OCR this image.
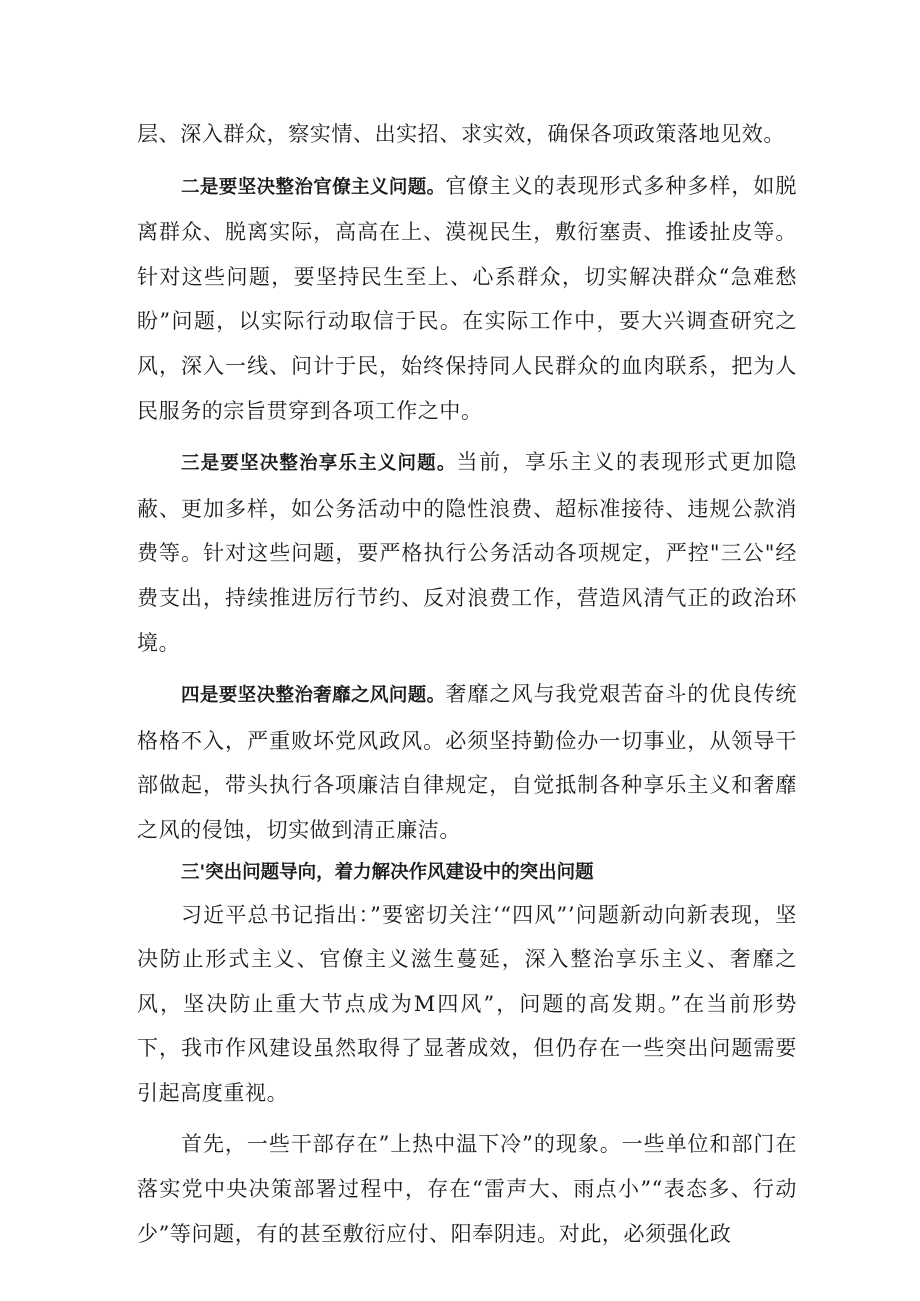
层、深入群众，察实情、出实招、求实效，确保各项政策落地见效。

二是要坚决整治官僚主义问题。官僚主义的表现形式多种多样，如脱离群众、脱离实际，高高在上、漠视民生，敷衍塞责、推诿扯皮等。针对这些问题，要坚持民生至上、心系群众，切实解决群众“急难愁盼”问题，以实际行动取信于民。在实际工作中，要大兴调查研究之风，深入一线、问计于民，始终保持同人民群众的血肉联系，把为人民服务的宗旨贯穿到各项工作之中。

三是要坚决整治享乐主义问题。当前，享乐主义的表现形式更加隐蔽、更加多样，如公务活动中的隐性浪费、超标准接待、违规公款消费等。针对这些问题，要严格执行公务活动各项规定，严控"三公"经费支出，持续推进厉行节约、反对浪费工作，营造风清气正的政治环境。

四是要坚决整治奢靡之风问题。奢靡之风与我党艰苦奋斗的优良传统格格不入，严重败坏党风政风。必须坚持勤俭办一切事业，从领导干部做起，带头执行各项廉洁自律规定，自觉抵制各种享乐主义和奢靡之风的侵蚀，切实做到清正廉洁。

三'突出问题导向，着力解决作风建设中的突出问题

习近平总书记指出：”要密切关注‘“四风”’问题新动向新表现，坚决防止形式主义、官僚主义滋生蔓延，深入整治享乐主义、奢靡之风，坚决防止重大节点成为M四风”，问题的高发期。”在当前形势下，我市作风建设虽然取得了显著成效，但仍存在一些突出问题需要引起高度重视。

首先，一些干部存在”上热中温下冷”的现象。一些单位和部门在落实党中央决策部署过程中，存在“雷声大、雨点小”“表态多、行动少”等问题，有的甚至敷衍应付、阳奉阴违。对此，必须强化政
